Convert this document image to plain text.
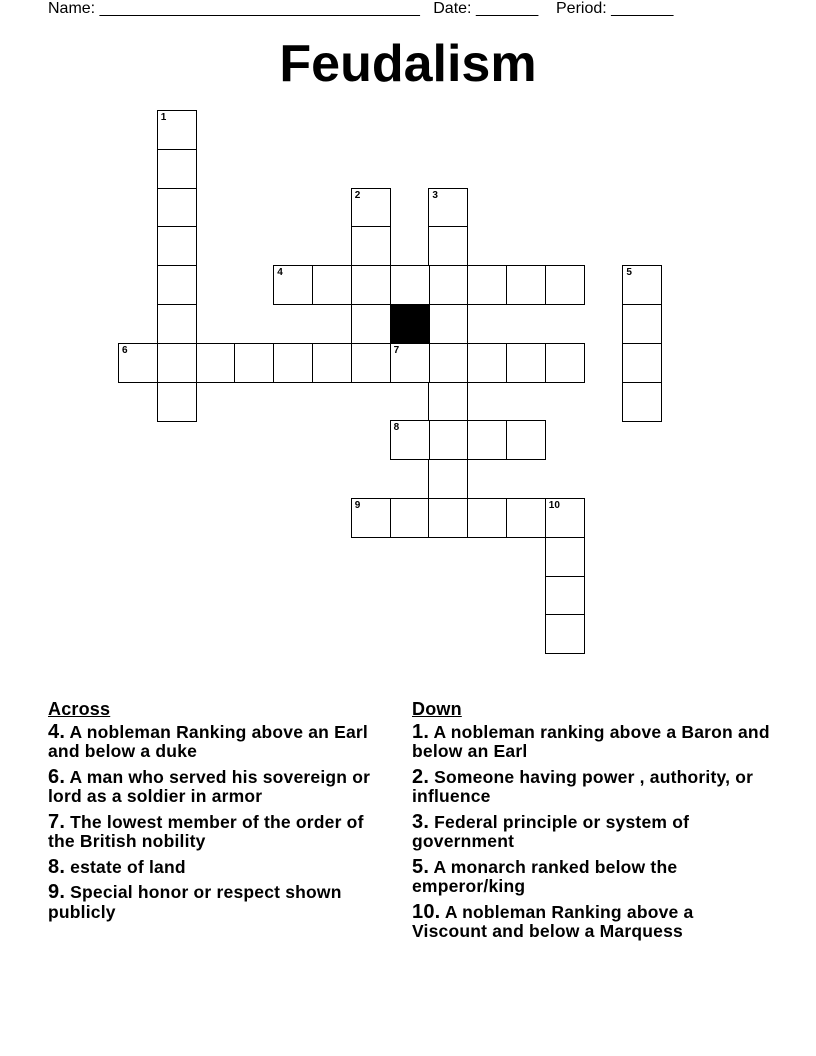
Name: ____________________________________   Date: _______    Period: _______
Feudalism
1
2	3
4	5
6	7
8
9	10
Across
4. A nobleman Ranking above an Earl and below a duke
6. A man who served his sovereign or lord as a soldier in armor
7. The lowest member of the order of the British nobility
8. estate of land
9. Special honor or respect shown publicly
Down
1. A nobleman ranking above a Baron and below an Earl
2. Someone having power , authority, or influence
3. Federal principle or system of government
5. A monarch ranked below the emperor/king
10. A nobleman Ranking above a Viscount and below a Marquess
